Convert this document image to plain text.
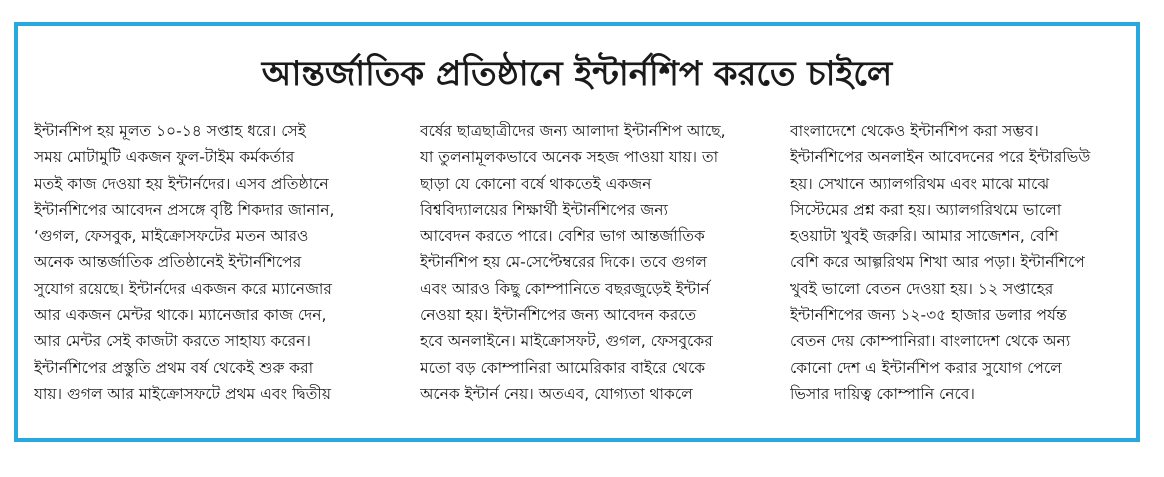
আন্তর্জাতিক প্রতিষ্ঠানে ইন্টার্নশিপ করতে চাইলে
ইন্টার্নশিপ হয় মূলত ১০-১৪ সপ্তাহ ধরে। সেই
সময় মোটামুটি একজন ফুল-টাইম কর্মকর্তার
মতই কাজ দেওয়া হয় ইন্টার্নদের। এসব প্রতিষ্ঠানে
ইন্টার্নশিপের আবেদন প্রসঙ্গে বৃষ্টি শিকদার জানান,
‘গুগল, ফেসবুক, মাইক্রোসফটের মতন আরও
অনেক আন্তর্জাতিক প্রতিষ্ঠানেই ইন্টার্নশিপের
সুযোগ রয়েছে। ইন্টার্নদের একজন করে ম্যানেজার
আর একজন মেন্টর থাকে। ম্যানেজার কাজ দেন,
আর মেন্টর সেই কাজটা করতে সাহায্য করেন।
ইন্টার্নশিপের প্রস্তুতি প্রথম বর্ষ থেকেই শুরু করা
যায়। গুগল আর মাইক্রোসফটে প্রথম এবং দ্বিতীয়
বর্ষের ছাত্রছাত্রীদের জন্য আলাদা ইন্টার্নশিপ আছে,
যা তুলনামূলকভাবে অনেক সহজ পাওয়া যায়। তা
ছাড়া যে কোনো বর্ষে থাকতেই একজন
বিশ্ববিদ্যালয়ের শিক্ষার্থী ইন্টার্নশিপের জন্য
আবেদন করতে পারে। বেশির ভাগ আন্তর্জাতিক
ইন্টার্নশিপ হয় মে-সেপ্টেম্বরের দিকে। তবে গুগল
এবং আরও কিছু কোম্পানিতে বছরজুড়েই ইন্টার্ন
নেওয়া হয়। ইন্টার্নশিপের জন্য আবেদন করতে
হবে অনলাইনে। মাইক্রোসফট, গুগল, ফেসবুকের
মতো বড় কোম্পানিরা আমেরিকার বাইরে থেকে
অনেক ইন্টার্ন নেয়। অতএব, যোগ্যতা থাকলে
বাংলাদেশে থেকেও ইন্টার্নশিপ করা সম্ভব।
ইন্টার্নশিপের অনলাইন আবেদনের পরে ইন্টারভিউ
হয়। সেখানে অ্যালগরিথম এবং মাঝে মাঝে
সিস্টেমের প্রশ্ন করা হয়। অ্যালগরিথমে ভালো
হওয়াটা খুবই জরুরি। আমার সাজেশন, বেশি
বেশি করে আল্গরিথম শিখা আর পড়া। ইন্টার্নশিপে
খুবই ভালো বেতন দেওয়া হয়। ১২ সপ্তাহের
ইন্টার্নশিপের জন্য ১২-৩৫ হাজার ডলার পর্যন্ত
বেতন দেয় কোম্পানিরা। বাংলাদেশ থেকে অন্য
কোনো দেশ এ ইন্টার্নশিপ করার সুযোগ পেলে
ভিসার দায়িত্ব কোম্পানি নেবে।
